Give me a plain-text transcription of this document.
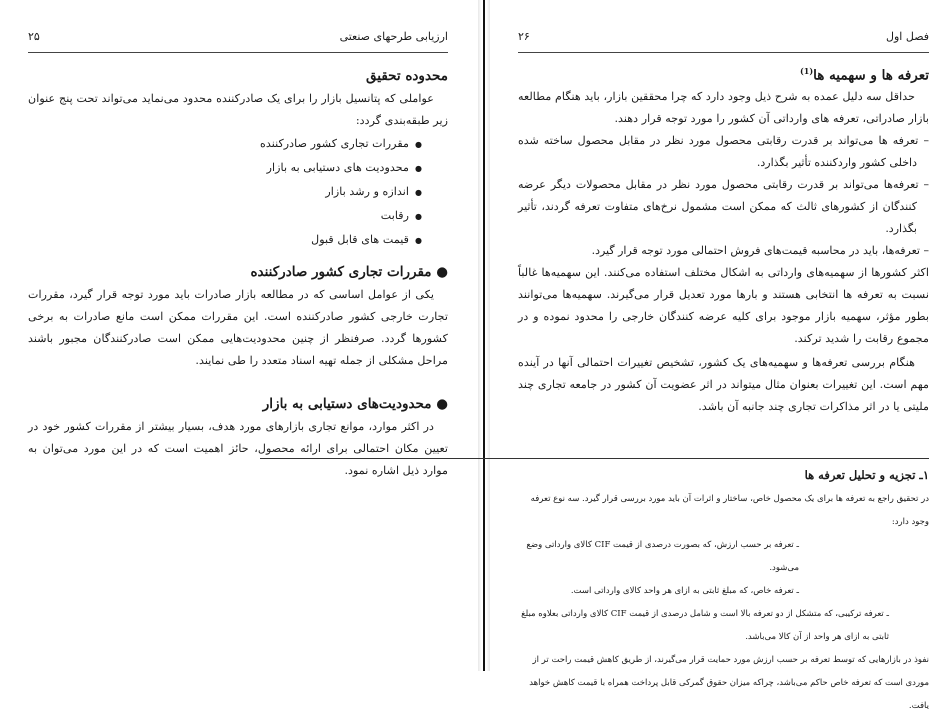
ارزیابی طرحهای صنعتی
۲۵
محدوده تحقیق
عواملی که پتانسیل بازار را برای یک صادرکننده محدود می‌نماید می‌تواند تحت پنج عنوان زیر طبقه‌بندی گردد:
● مقررات تجاری کشور صادرکننده
● محدودیت های دستیابی به بازار
● اندازه و رشد بازار
● رقابت
● قیمت های قابل قبول
● مقررات تجاری کشور صادرکننده
یکی از عوامل اساسی که در مطالعه بازار صادرات باید مورد توجه قرار گیرد، مقررات تجارت خارجی کشور صادرکننده است. این مقررات ممکن است مانع صادرات به برخی کشورها گردد. صرفنظر از چنین محدودیت‌هایی ممکن است صادرکنندگان مجبور باشند مراحل مشکلی از جمله تهیه اسناد متعدد را طی نمایند.
● محدودیت‌های دستیابی به بازار
در اکثر موارد، موانع تجاری بازارهای مورد هدف، بسیار بیشتر از مقررات کشور خود در تعیین مکان احتمالی برای ارائه محصول، حائز اهمیت است که در این مورد می‌توان به موارد ذیل اشاره نمود.
فصل اول
۲۶
تعرفه ها و سهمیه ها$^{(1)}$
حداقل سه دلیل عمده به شرح ذیل وجود دارد که چرا محققین بازار، باید هنگام مطالعه بازار صادراتی، تعرفه های وارداتی آن کشور را مورد توجه قرار دهند.
– تعرفه ها می‌تواند بر قدرت رقابتی محصول مورد نظر در مقابل محصول ساخته شده داخلی کشور واردکننده تأثیر بگذارد.
– تعرفه‌ها می‌تواند بر قدرت رقابتی محصول مورد نظر در مقابل محصولات دیگر عرضه کنندگان از کشورهای ثالث که ممکن است مشمول نرخ‌های متفاوت تعرفه گردند، تأثیر بگذارد.
– تعرفه‌ها، باید در محاسبه قیمت‌های فروش احتمالی مورد توجه قرار گیرد.
اکثر کشورها از سهمیه‌های وارداتی به اشکال مختلف استفاده می‌کنند. این سهمیه‌ها غالباً نسبت به تعرفه ها انتخابی هستند و بارها مورد تعدیل قرار می‌گیرند. سهمیه‌ها می‌توانند بطور مؤثر، سهمیه بازار موجود برای کلیه عرضه کنندگان خارجی را محدود نموده و در مجموع رقابت را شدید ترکند.
هنگام بررسی تعرفه‌ها و سهمیه‌های یک کشور، تشخیص تغییرات احتمالی آنها در آینده مهم است. این تغییرات بعنوان مثال میتواند در اثر عضویت آن کشور در جامعه تجاری چند ملیتی یا در اثر مذاکرات تجاری چند جانبه آن باشد.
۱ـ تجزیه و تحلیل تعرفه ها
در تحقیق راجع به تعرفه ها برای یک محصول خاص، ساختار و اثرات آن باید مورد بررسی قرار گیرد. سه نوع تعرفه وجود دارد:
ـ تعرفه بر حسب ارزش، که بصورت درصدی از قیمت CIF کالای وارداتی وضع می‌شود.
ـ تعرفه خاص، که مبلغ ثابتی به ازای هر واحد کالای وارداتی است.
ـ تعرفه ترکیبی، که متشکل از دو تعرفه بالا است و شامل درصدی از قیمت CIF کالای وارداتی بعلاوه مبلغ ثابتی به ازای هر واحد از آن کالا می‌باشد.
نفوذ در بازارهایی که توسط تعرفه بر حسب ارزش مورد حمایت قرار می‌گیرند، از طریق کاهش قیمت راحت تر از موردی است که تعرفه خاص حاکم می‌باشد، چراکه میزان حقوق گمرکی قابل پرداخت همراه با قیمت کاهش خواهد یافت.
